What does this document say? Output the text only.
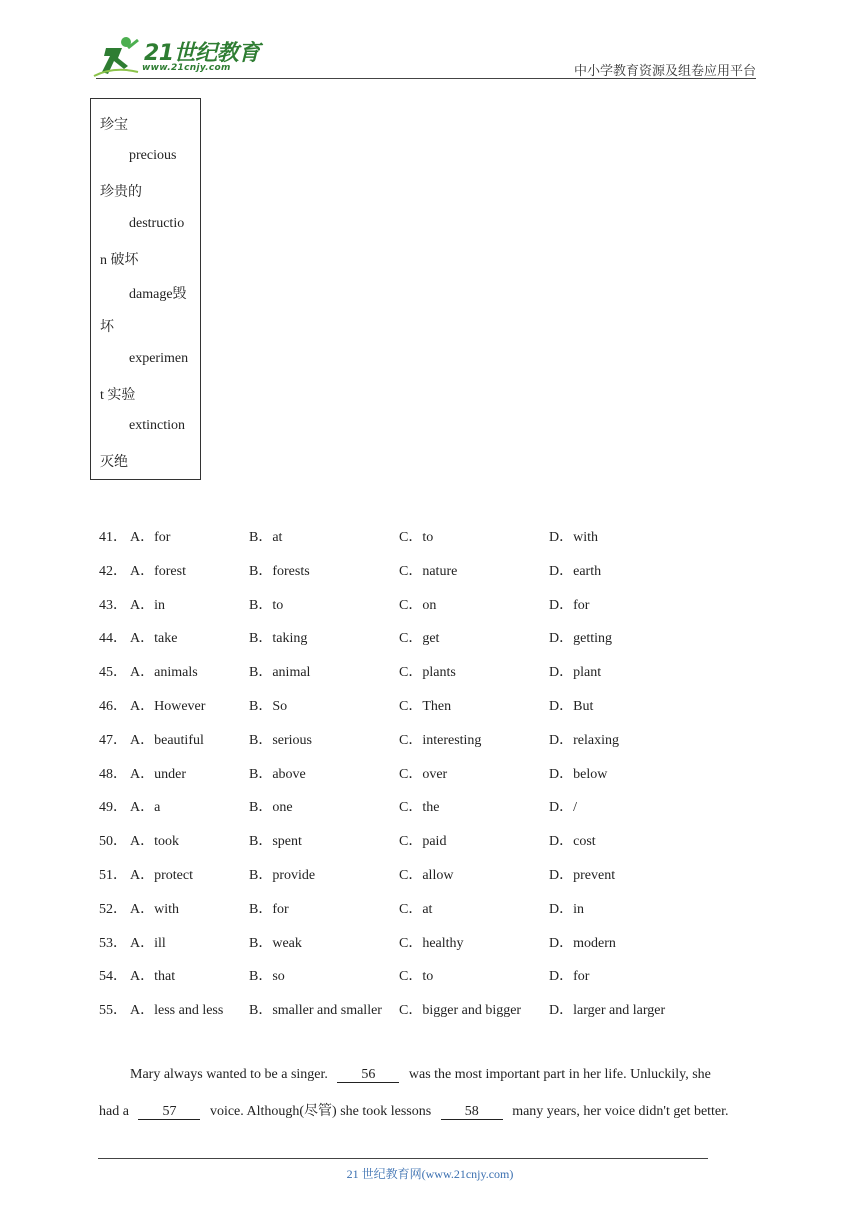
21世纪教育
www.21cnjy.com	中小学教育资源及组卷应用平台
珍宝
precious
珍贵的
destructio
n 破坏
damage毁
坏
experimen
t 实验
extinction
灭绝
41． A．for	B．at	C．to	D．with
42． A．forest	B．forests	C．nature	D．earth
43． A．in	B．to	C．on	D．for
44． A．take	B．taking	C．get	D．getting
45． A．animals	B．animal	C．plants	D．plant
46． A．However	B．So	C．Then	D．But
47． A．beautiful	B．serious	C．interesting	D．relaxing
48． A．under	B．above	C．over	D．below
49． A．a	B．one	C．the	D．/
50． A．took	B．spent	C．paid	D．cost
51． A．protect	B．provide	C．allow	D．prevent
52． A．with	B．for	C．at	D．in
53． A．ill	B．weak	C．healthy	D．modern
54． A．that	B．so	C．to	D．for
55． A．less and less B．smaller and smaller C．bigger and bigger D．larger and larger
Mary always wanted to be a singer. 56 was the most important part in her life. Unluckily, she
had a 57 voice. Although(尽管) she took lessons 58 many years, her voice didn't get better.
21 世纪教育网(www.21cnjy.com)
